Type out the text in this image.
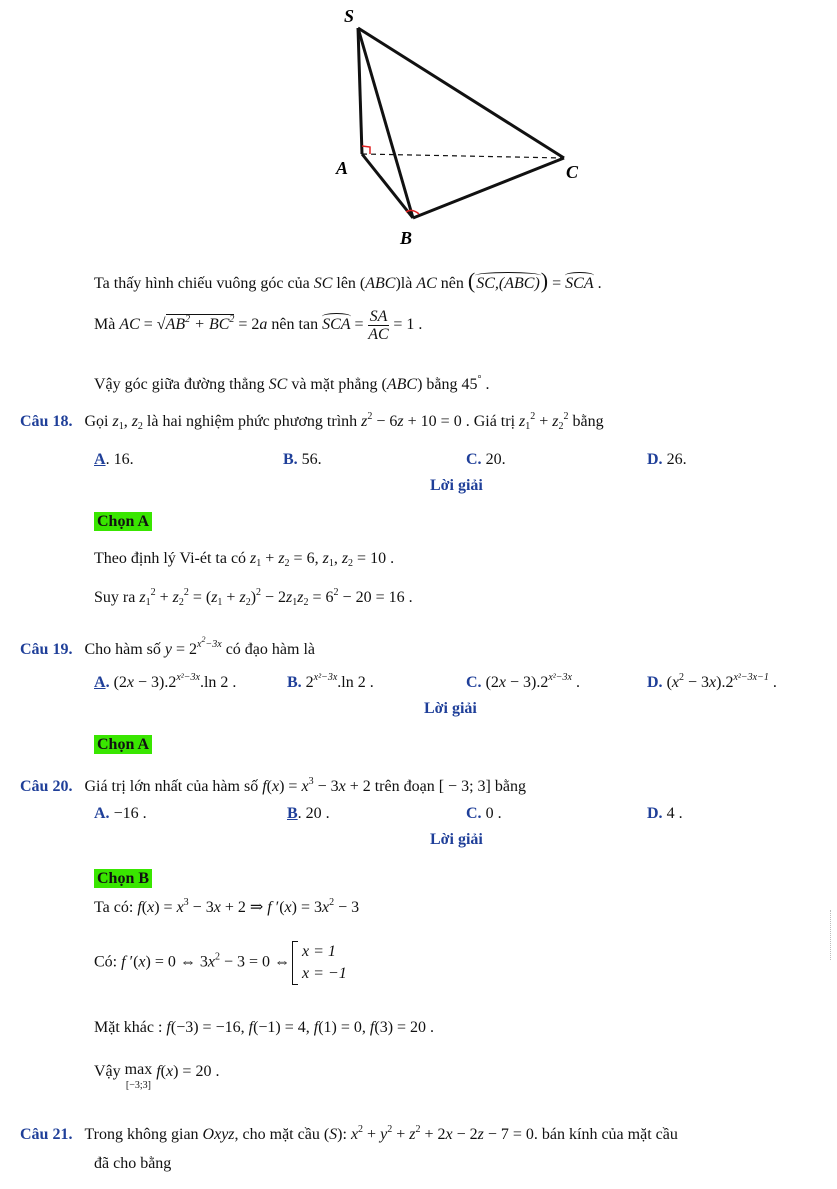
S
A
B
C
Ta thấy hình chiếu vuông góc của SC lên (ABC)là AC nên (SC,(ABC)) = SCA .
Mà AC = $√AB^2 + BC^2 = 2a$ nên tan SCA = $\frac{SA}{AC} = 1$ .
Vậy góc giữa đường thẳng SC và mặt phẳng (ABC) bằng 45° .
Câu 18. Gọi $z_1$, $z_2$ là hai nghiệm phức phương trình $z^2 - 6z + 10 = 0$ . Giá trị $z_1^2 + z_2^2$ bằng
A. 16.	B. 56.	C. 20.	D. 26.
Lời giải
Chọn A
Theo định lý Vi-ét ta có $z_1 + z_2 = 6$, $z_1$, $z_2 = 10$ .
Suy ra $z_1^2 + z_2^2 = (z_1 + z_2)^2 - 2z_1z_2 = 6^2 - 20 = 16$ .
Câu 19. Cho hàm số $y = 2^{x^2-3x}$ có đạo hàm là
A. $(2x - 3).2^{x^2-3x}.\ln$ 2 .	B. $2^{x^2-3x}.\ln$ 2 .	C. $(2x - 3).2^{x^2-3x}$ .	D. $(x^2 - 3x).2^{x^2-3x-1}$ .
Lời giải
Chọn A
Câu 20. Giá trị lớn nhất của hàm số $f(x) = x^3 - 3x + 2$ trên đoạn [ − 3; 3] bằng
A. −16 .	B. 20 .	C. 0 .	D. 4 .
Lời giải
Chọn B
Ta có: $f(x) = x^3 - 3x + 2$ ⇒ f $'(x) = 3x^2 - 3$
Có: f ′(x) = 0 ⇔ $3x^2 - 3 = 0$ ⇔
x = 1
x = −1
Mặt khác : f(−3) = −16, f(−1) = 4, f(1) = 0, f(3) = 20 .
Vậy max
[−3;3] f(x) = 20 .
Câu 21. Trong không gian Oxyz, cho mặt cầu (S): $x^2 + y^2 + z^2 + 2x - 2z - 7 = 0$. bán kính của mặt cầu
đã cho bằng
